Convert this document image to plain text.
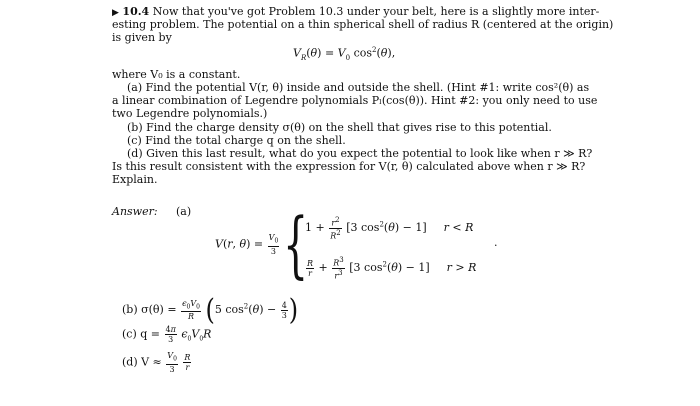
▶ 10.4 Now that you've got Problem 10.3 under your belt, here is a slightly more inter-
esting problem. The potential on a thin spherical shell of radius R (centered at the origin)
is given by
$V_R(\theta) = V_0$ $\cos^2(\theta)$,
where V₀ is a constant.
(a) Find the potential V(r, θ) inside and outside the shell. (Hint #1: write cos²(θ) as
a linear combination of Legendre polynomials Pₗ(cos(θ)). Hint #2: you only need to use
two Legendre polynomials.)
(b) Find the charge density σ(θ) on the shell that gives rise to this potential.
(c) Find the total charge q on the shell.
(d) Given this last result, what do you expect the potential to look like when r ≫ R?
Is this result consistent with the expression for V(r, θ) calculated above when r ≫ R?
Explain.
Answer: (a)
V(r, $\theta) = \frac{V_0}{3}$ {
$1 + \frac{r2}{R2} [3$ $\cos^2(\theta) - 1$]  r < R
$\frac{R}{r} + \frac{R3}{r3} [3$ $\cos^2(\theta) - 1$]  r > R
.
(b) $\sigma(\theta) = \frac{\epsilon_0V_0}{R} (5$ $\cos^2(\theta) - \frac{4}{3}$ )
(c) $q = \frac{4\pi}{3} \epsilon_0V_0R$
(d) $V \approx \frac{V_0}{3}$
$\frac{R}{r}$
